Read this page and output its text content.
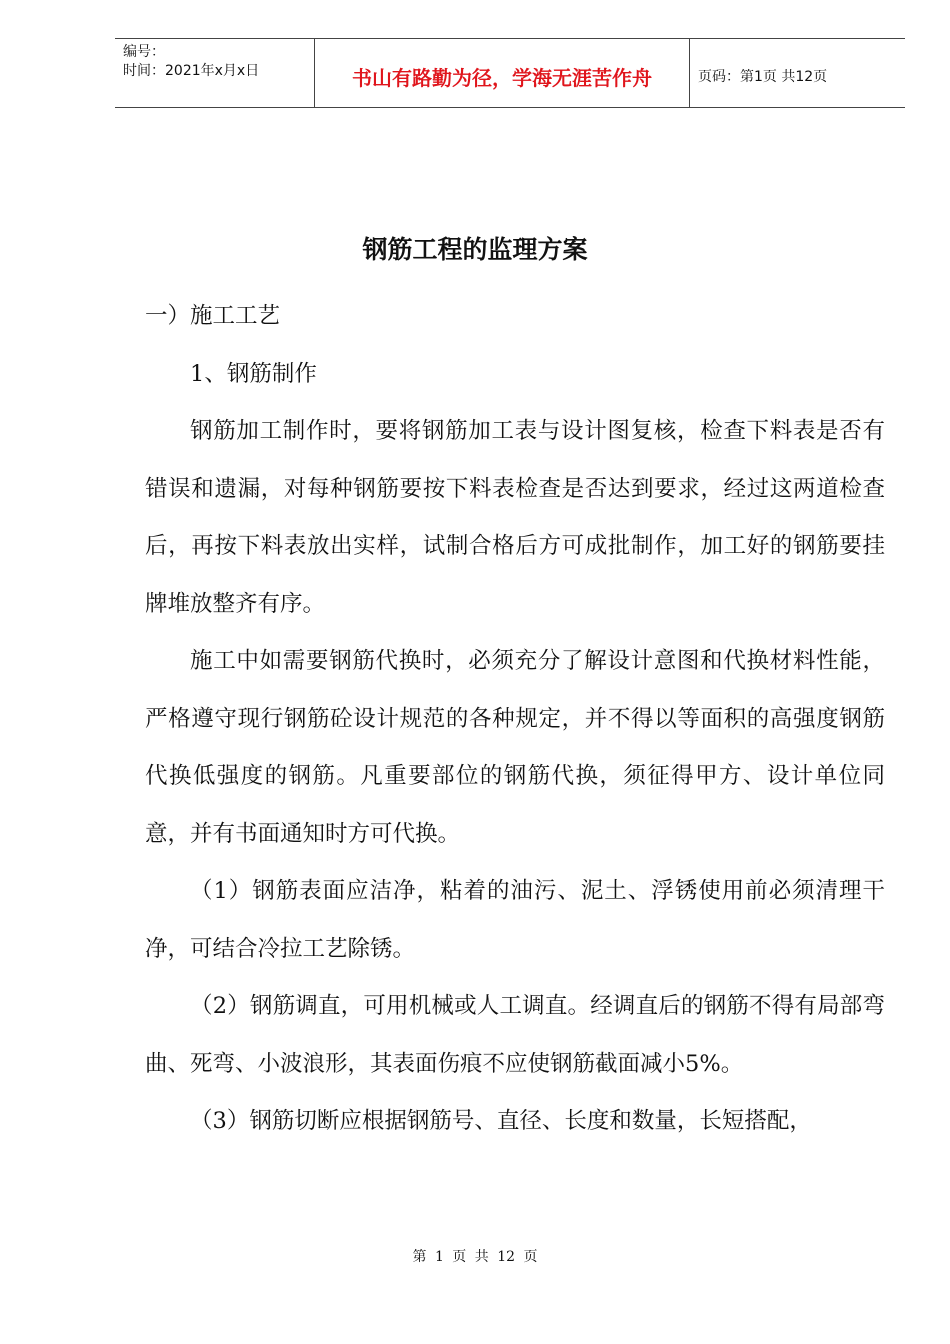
编号：
时间：2021年x月x日	书山有路勤为径，学海无涯苦作舟	页码：第1页 共12页
钢筋工程的监理方案

一）施工工艺

1、钢筋制作

钢筋加工制作时，要将钢筋加工表与设计图复核，检查下料表是否有错误和遗漏，对每种钢筋要按下料表检查是否达到要求，经过这两道检查后，再按下料表放出实样，试制合格后方可成批制作，加工好的钢筋要挂牌堆放整齐有序。

施工中如需要钢筋代换时，必须充分了解设计意图和代换材料性能，严格遵守现行钢筋砼设计规范的各种规定，并不得以等面积的高强度钢筋代换低强度的钢筋。凡重要部位的钢筋代换，须征得甲方、设计单位同意，并有书面通知时方可代换。

（1）钢筋表面应洁净，粘着的油污、泥土、浮锈使用前必须清理干净，可结合冷拉工艺除锈。

（2）钢筋调直，可用机械或人工调直。经调直后的钢筋不得有局部弯曲、死弯、小波浪形，其表面伤痕不应使钢筋截面减小5%。

（3）钢筋切断应根据钢筋号、直径、长度和数量，长短搭配，

第 1 页 共 12 页
